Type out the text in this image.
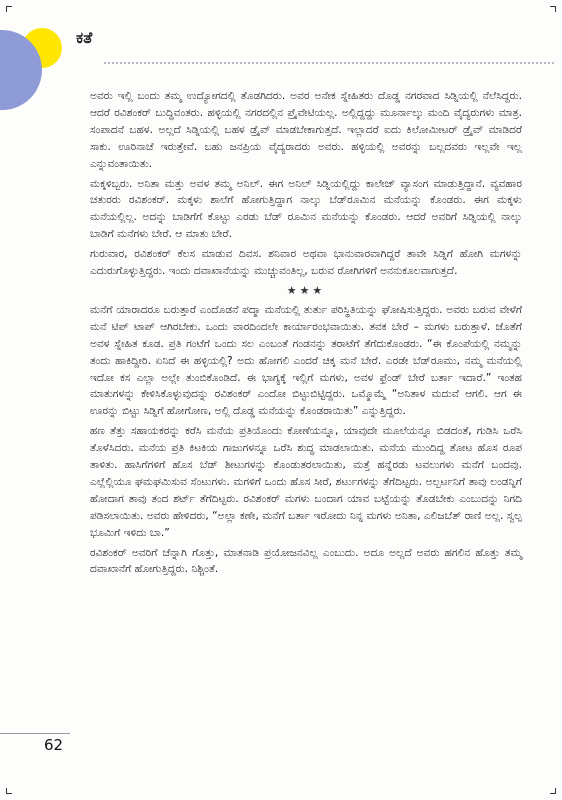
ಕತೆ

ಅವರು ಇಲ್ಲಿ ಬಂದು ತಮ್ಮ ಉದ್ಯೋಗದಲ್ಲಿ ತೊಡಗಿದರು. ಅವರ ಅನೇಕ ಸ್ನೇಹಿತರು ದೊಡ್ಡ ನಗರವಾದ ಸಿಡ್ನಿಯಲ್ಲಿ ನೆಲೆಸಿದ್ದರು. ಆದರೆ ರವಿಶಂಕರ್ ಬುದ್ಧಿವಂತರು. ಹಳ್ಳಿಯಲ್ಲಿ ನಗರದಲ್ಲಿನ ಪ್ರೈವೇಟಿಯಲ್ಲ. ಅಲ್ಲಿದ್ದದ್ದು ಮೂರ್ನಾಲ್ಕು ಮಂದಿ ವೈದ್ಯರುಗಳು ಮಾತ್ರ. ಸಂಪಾದನೆ ಬಹಳ. ಅಲ್ಲದೆ ಸಿಡ್ನಿಯಲ್ಲಿ ಬಹಳ ಡ್ರೈವ್ ಮಾಡಬೇಕಾಗುತ್ತದೆ. ಇಲ್ಲಾದರೆ ಐದು ಕಿಲೋಮೀಟರ್ ಡ್ರೈವ್ ಮಾಡಿದರೆ ಸಾಕು. ಊರಿನಾಚೆ ಇರುತ್ತೇವೆ. ಬಹು ಜನಪ್ರಿಯ ವೈದ್ಯರಾದರು ಅವರು. ಹಳ್ಳಿಯಲ್ಲಿ ಅವರನ್ನು ಬಲ್ಲದವರು ಇಲ್ಲವೇ ಇಲ್ಲ ಎನ್ನುವಂತಾಯಿತು.

ಮಕ್ಕಳಿಬ್ಬರು. ಅನಿತಾ ಮತ್ತು ಅವಳ ತಮ್ಮ ಅನಿಲ್. ಈಗ ಅನಿಲ್ ಸಿಡ್ನಿಯಲ್ಲಿದ್ದು ಕಾಲೇಜ್ ವ್ಯಾಸಂಗ ಮಾಡುತ್ತಿದ್ದಾನೆ. ವ್ಯವಹಾರ ಚತುರರು ರವಿಶಂಕರ್. ಮಕ್ಕಳು ಶಾಲೆಗೆ ಹೋಗುತ್ತಿದ್ದಾಗ ನಾಲ್ಕು ಬೆಡ್‌ರೂಮಿನ ಮನೆಯನ್ನು ಕೊಂಡರು. ಈಗ ಮಕ್ಕಳು ಮನೆಯಲ್ಲಿಲ್ಲ. ಅದನ್ನು ಬಾಡಿಗೆಗೆ ಕೊಟ್ಟು ಎರಡು ಬೆಡ್ ರೂಮಿನ ಮನೆಯನ್ನು ಕೊಂಡರು. ಆದರೆ ಅವರಿಗೆ ಸಿಡ್ನಿಯಲ್ಲಿ ನಾಲ್ಕು ಬಾಡಿಗೆ ಮನೆಗಳು ಬೇರೆ. ಆ ಮಾತು ಬೇರೆ.

ಗುರುವಾರ, ರವಿಶಂಕರ್ ಕೆಲಸ ಮಾಡುವ ದಿವಸ. ಶನಿವಾರ ಅಥವಾ ಭಾನುವಾರವಾಗಿದ್ದರೆ ತಾವೇ ಸಿಡ್ನಿಗೆ ಹೋಗಿ ಮಗಳನ್ನು ಎದುರುಗೊಳ್ಳುತ್ತಿದ್ದರು. ಇಂದು ದವಾಖಾನೆಯನ್ನು ಮುಚ್ಚುವಂತಿಲ್ಲ, ಬರುವ ರೋಗಿಗಳಿಗೆ ಅನನುಕೂಲವಾಗುತ್ತದೆ.

★★★

ಮನೆಗೆ ಯಾರಾದರೂ ಬರುತ್ತಾರೆ ಎಂದೊಡನೆ ಪದ್ಮಾ ಮನೆಯಲ್ಲಿ ತುರ್ತು ಪರಿಸ್ಥಿತಿಯನ್ನು ಘೋಷಿಸುತ್ತಿದ್ದರು. ಅವರು ಬರುವ ವೇಳೆಗೆ ಮನೆ ಟಿಪ್ ಟಾಪ್ ಆಗಿರಬೇಕು. ಒಂದು ವಾರದಿಂದಲೇ ಕಾರ್ಯಾರಂಭವಾಯಿತು. ತವಕ ಬೇರೆ – ಮಗಳು ಬರುತ್ತಾಳೆ. ಜೊತೆಗೆ ಅವಳ ಸ್ನೇಹಿತ ಕೂಡ. ಪ್ರತಿ ಗಂಟೆಗೆ ಒಂದು ಸಲ ಎಂಬಂತೆ ಗಂಡನನ್ನು ತರಾಟೆಗೆ ತೆಗೆದುಕೊಂಡರು. “ಈ ಕೊಂಪೆಯಲ್ಲಿ ನಮ್ಮನ್ನು ತಂದು ಹಾಕಿದ್ದೀರಿ. ಏನಿದೆ ಈ ಹಳ್ಳಿಯಲ್ಲಿ? ಅದು ಹೋಗಲಿ ಎಂದರೆ ಚಿಕ್ಕ ಮನೆ ಬೇರೆ. ಎರಡೇ ಬೆಡ್‌ರೂಮು, ನಮ್ಮ ಮನೆಯಲ್ಲಿ ಇದೋ ಕಸ ಎಲ್ಲಾ ಅಲ್ಲೇ ತುಂಬಿಕೊಂಡಿದೆ. ಈ ಭಾಗ್ಯಕ್ಕೆ ಇಲ್ಲಿಗೆ ಮಗಳು, ಅವಳ ಫ್ರೆಂಡ್ ಬೇರೆ ಬರ್ತಾ ಇದಾರೆ.” ಇಂತಹ ಮಾತುಗಳನ್ನು ಕೇಳಿಸಿಕೊಳ್ಳುವುದನ್ನು ರವಿಶಂಕರ್ ಎಂದೋ ಬಿಟ್ಟುಬಿಟ್ಟಿದ್ದರು. ಒಮ್ಮೊಮ್ಮೆ “ಅನಿತಾಳ ಮದುವೆ ಆಗಲಿ. ಆಗ ಈ ಊರನ್ನು ಬಿಟ್ಟು ಸಿಡ್ನಿಗೆ ಹೋಗೋಣ, ಅಲ್ಲಿ ದೊಡ್ಡ ಮನೆಯನ್ನು ಕೊಂಡರಾಯಿತು” ಎನ್ನುತ್ತಿದ್ದರು.

ಹಣ ತೆತ್ತು ಸಹಾಯಕರನ್ನು ಕರೆಸಿ ಮನೆಯ ಪ್ರತಿಯೊಂದು ಕೋಣೆಯನ್ನೂ, ಯಾವುದೇ ಮೂಲೆಯನ್ನೂ ಬಿಡದಂತೆ, ಗುಡಿಸಿ ಒರೆಸಿ ತೊಳೆಸಿದರು. ಮನೆಯ ಪ್ರತಿ ಕಿಟಕಿಯ ಗಾಜುಗಳನ್ನೂ ಒರೆಸಿ ಶುದ್ಧ ಮಾಡಲಾಯಿತು. ಮನೆಯ ಮುಂದಿದ್ದ ತೋಟ ಹೊಸ ರೂಪ ತಾಳಿತು. ಹಾಸಿಗೆಗಳಿಗೆ ಹೊಸ ಬೆಡ್ ಶೀಟುಗಳನ್ನು ಕೊಂಡುತರಲಾಯಿತು, ಮತ್ತೆ ಹನ್ನೆರಡು ಟವಲುಗಳು ಮನೆಗೆ ಬಂದವು. ಎಲ್ಲೆಲ್ಲಿಯೂ ಘಮಘಮಿಸುವ ಸೆಂಟುಗಳು. ಮಗಳಿಗೆ ಒಂದು ಹೊಸ ಸೀರೆ, ಶರ್ಟುಗಳನ್ನು ತೆಗೆದಿಟ್ಟರು. ಅಲ್ಬರ್ಟನಿಗೆ ತಾವು ಲಂಡನ್ನಿಗೆ ಹೋದಾಗ ತಾವು ತಂದ ಶರ್ಟ್ ತೆಗೆದಿಟ್ಟರು. ರವಿಶಂಕರ್ ಮಗಳು ಬಂದಾಗ ಯಾವ ಬಟ್ಟೆಯನ್ನು ತೊಡಬೇಕು ಎಂಬುದನ್ನು ನಿಗದಿ ಪಡಿಸಲಾಯಿತು. ಅವರು ಹೇಳಿದರು, “ಅಲ್ಲಾ ಕಣೇ, ಮನೆಗೆ ಬರ್ತಾ ಇರೋದು ನಿನ್ನ ಮಗಳು ಅನಿತಾ, ಎಲಿಜಬೆತ್ ರಾಣಿ ಅಲ್ಲ. ಸ್ವಲ್ಪ ಭೂಮಿಗೆ ಇಳಿದು ಬಾ.”

ರವಿಶಂಕರ್ ಅವರಿಗೆ ಚೆನ್ನಾಗಿ ಗೊತ್ತು, ಮಾತನಾಡಿ ಪ್ರಯೋಜನವಿಲ್ಲ ಎಂಬುದು. ಅದೂ ಅಲ್ಲದೆ ಅವರು ಹಗಲಿನ ಹೊತ್ತು ತಮ್ಮ ದವಾಖಾನೆಗೆ ಹೋಗುತ್ತಿದ್ದರು. ನಿಶ್ಚಿಂತೆ.

62
